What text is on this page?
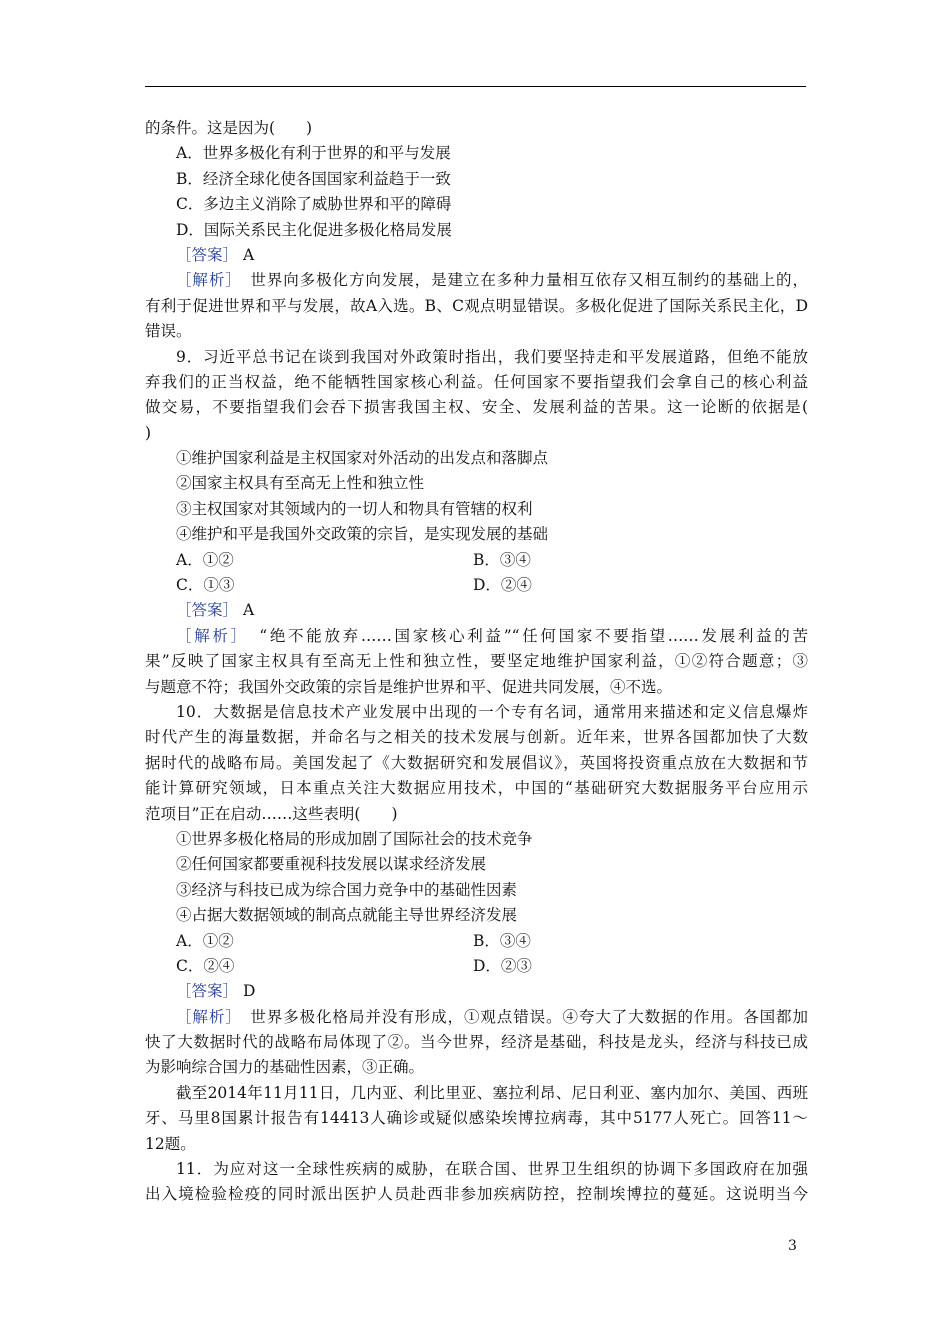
的条件。这是因为(　　)
A．世界多极化有利于世界的和平与发展
B．经济全球化使各国国家利益趋于一致
C．多边主义消除了威胁世界和平的障碍
D．国际关系民主化促进多极化格局发展
［答案］ A
［解析］　 世界向多极化方向发展，是建立在多种力量相互依存又相互制约的基础上的，
有利于促进世界和平与发展，故A入选。B、C观点明显错误。多极化促进了国际关系民主化，D
错误。
9．习近平总书记在谈到我国对外政策时指出，我们要坚持走和平发展道路，但绝不能放
弃我们的正当权益，绝不能牺牲国家核心利益。任何国家不要指望我们会拿自己的核心利益
做交易，不要指望我们会吞下损害我国主权、安全、发展利益的苦果。这一论断的依据是(
)
①维护国家利益是主权国家对外活动的出发点和落脚点
②国家主权具有至高无上性和独立性
③主权国家对其领域内的一切人和物具有管辖的权利
④维护和平是我国外交政策的宗旨，是实现发展的基础
A．①②	B．③④
C．①③	D．②④
［答案］ A
［解析］　 “绝不能放弃……国家核心利益”“任何国家不要指望……发展利益的苦
果”反映了国家主权具有至高无上性和独立性，要坚定地维护国家利益，①②符合题意；③
与题意不符；我国外交政策的宗旨是维护世界和平、促进共同发展，④不选。
10．大数据是信息技术产业发展中出现的一个专有名词，通常用来描述和定义信息爆炸
时代产生的海量数据，并命名与之相关的技术发展与创新。近年来，世界各国都加快了大数
据时代的战略布局。美国发起了《大数据研究和发展倡议》，英国将投资重点放在大数据和节
能计算研究领域，日本重点关注大数据应用技术，中国的“基础研究大数据服务平台应用示
范项目”正在启动……这些表明(　　)
①世界多极化格局的形成加剧了国际社会的技术竞争
②任何国家都要重视科技发展以谋求经济发展
③经济与科技已成为综合国力竞争中的基础性因素
④占据大数据领域的制高点就能主导世界经济发展
A．①②	B．③④
C．②④	D．②③
［答案］ D
［解析］　 世界多极化格局并没有形成，①观点错误。④夸大了大数据的作用。各国都加
快了大数据时代的战略布局体现了②。当今世界，经济是基础，科技是龙头，经济与科技已成
为影响综合国力的基础性因素，③正确。
截至2014年11月11日，几内亚、利比里亚、塞拉利昂、尼日利亚、塞内加尔、美国、西班
牙、马里8国累计报告有14413人确诊或疑似感染埃博拉病毒，其中5177人死亡。回答11～
12题。
11．为应对这一全球性疾病的威胁，在联合国、世界卫生组织的协调下多国政府在加强
出入境检验检疫的同时派出医护人员赴西非参加疾病防控，控制埃博拉的蔓延。这说明当今
3
